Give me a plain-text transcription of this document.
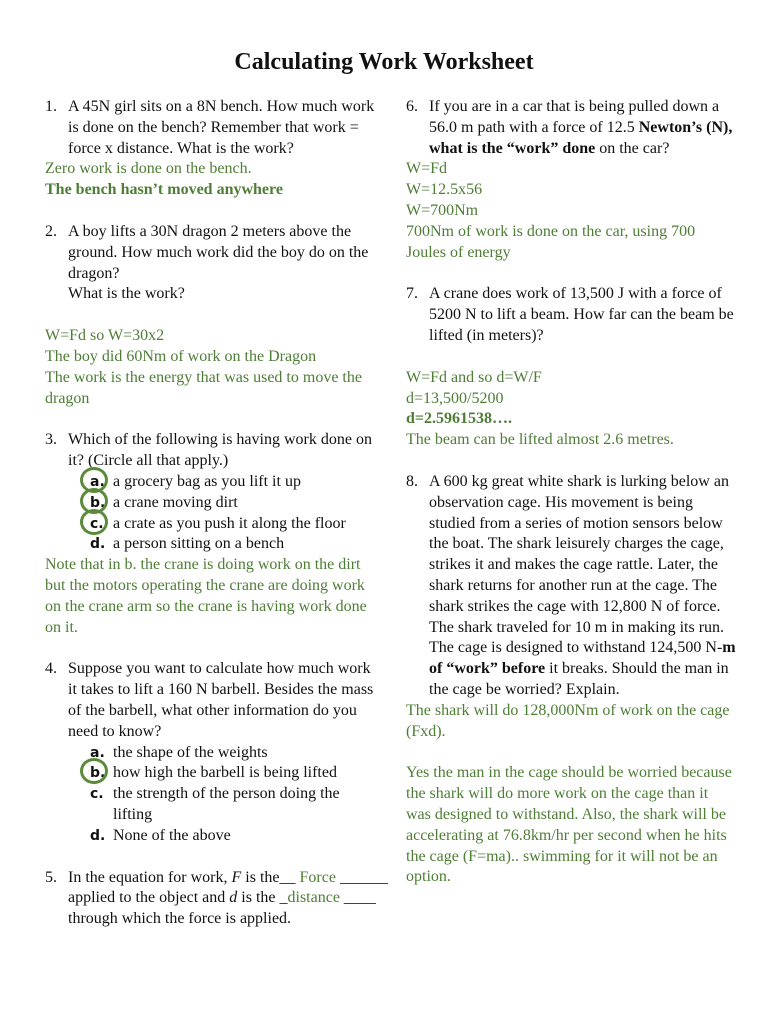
Calculating Work Worksheet
1. A 45N girl sits on a 8N bench. How much work is done on the bench? Remember that work = force x distance. What is the work?
Zero work is done on the bench.
The bench hasn’t moved anywhere
2. A boy lifts a 30N dragon 2 meters above the ground. How much work did the boy do on the dragon?
What is the work?
W=Fd so W=30x2
The boy did 60Nm of work on the Dragon
The work is the energy that was used to move the dragon
3. Which of the following is having work done on it? (Circle all that apply.)
a. a grocery bag as you lift it up
b. a crane moving dirt
c. a crate as you push it along the floor
d. a person sitting on a bench
Note that in b. the crane is doing work on the dirt but the motors operating the crane are doing work on the crane arm so the crane is having work done on it.
4. Suppose you want to calculate how much work it takes to lift a 160 N barbell. Besides the mass of the barbell, what other information do you need to know?
a. the shape of the weights
b. how high the barbell is being lifted
c. the strength of the person doing the lifting
d. None of the above
5. In the equation for work, F is the__ Force ______
applied to the object and d is the _distance ____
through which the force is applied.
6. If you are in a car that is being pulled down a 56.0 m path with a force of 12.5 Newton’s (N), what is the “work” done on the car?
W=Fd
W=12.5x56
W=700Nm
700Nm of work is done on the car, using 700 Joules of energy
7. A crane does work of 13,500 J with a force of 5200 N to lift a beam. How far can the beam be lifted (in meters)?
W=Fd and so d=W/F
d=13,500/5200
d=2.5961538….
The beam can be lifted almost 2.6 metres.
8. A 600 kg great white shark is lurking below an observation cage. His movement is being studied from a series of motion sensors below the boat. The shark leisurely charges the cage, strikes it and makes the cage rattle. Later, the shark returns for another run at the cage. The shark strikes the cage with 12,800 N of force. The shark traveled for 10 m in making its run. The cage is designed to withstand 124,500 N-m of “work” before it breaks. Should the man in the cage be worried? Explain.
The shark will do 128,000Nm of work on the cage (Fxd).
Yes the man in the cage should be worried because the shark will do more work on the cage than it was designed to withstand. Also, the shark will be accelerating at 76.8km/hr per second when he hits the cage (F=ma).. swimming for it will not be an option.
